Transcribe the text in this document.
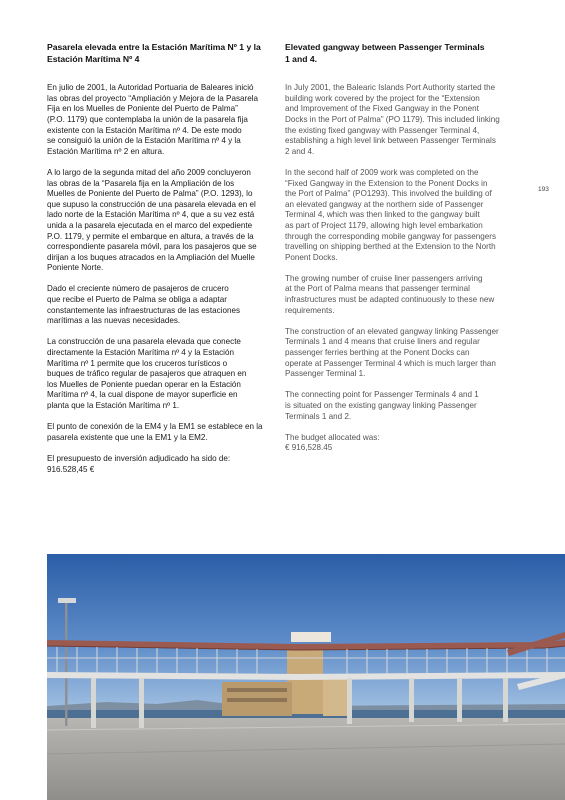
Pasarela elevada entre la Estación Marítima Nº 1 y la
Estación Marítima Nº 4
En julio de 2001, la Autoridad Portuaria de Baleares inició
las obras del proyecto “Ampliación y Mejora de la Pasarela
Fija en los Muelles de Poniente del Puerto de Palma”
(P.O. 1179) que contemplaba la unión de la pasarela fija
existente con la Estación Marítima nº 4. De este modo
se consiguió la unión de la Estación Marítima nº 4 y la
Estación Marítima nº 2 en altura.
A lo largo de la segunda mitad del año 2009 concluyeron
las obras de la “Pasarela fija en la Ampliación de los
Muelles de Poniente del Puerto de Palma” (P.O. 1293), lo
que supuso la construcción de una pasarela elevada en el
lado norte de la Estación Marítima nº 4, que a su vez está
unida a la pasarela ejecutada en el marco del expediente
P.O. 1179, y permite el embarque en altura, a través de la
correspondiente pasarela móvil, para los pasajeros que se
dirijan a los buques atracados en la Ampliación del Muelle
Poniente Norte.
Dado el creciente número de pasajeros de crucero
que recibe el Puerto de Palma se obliga a adaptar
constantemente las infraestructuras de las estaciones
marítimas a las nuevas necesidades.
La construcción de una pasarela elevada que conecte
directamente la Estación Marítima nº 4 y la Estación
Marítima nº 1 permite que los cruceros turísticos o
buques de tráfico regular de pasajeros que atraquen en
los Muelles de Poniente puedan operar en la Estación
Marítima nº 4, la cual dispone de mayor superficie en
planta que la Estación Marítima nº 1.
El punto de conexión de la EM4 y la EM1 se establece en la
pasarela existente que une la EM1 y la EM2.
El presupuesto de inversión adjudicado ha sido de:
916.528,45 €
Elevated gangway between Passenger Terminals
1 and 4.
In July 2001, the Balearic Islands Port Authority started the
building work covered by the project for the “Extension
and Improvement of the Fixed Gangway in the Ponent
Docks in the Port of Palma” (PO 1179). This included linking
the existing fixed gangway with Passenger Terminal 4,
establishing a high level link between Passenger Terminals
2 and 4.
In the second half of 2009 work was completed on the
“Fixed Gangway in the Extension to the Ponent Docks in
the Port of Palma” (PO1293). This involved the building of
an elevated gangway at the northern side of Passenger
Terminal 4, which was then linked to the gangway built
as part of Project 1179, allowing high level embarkation
through the corresponding mobile gangway for passengers
travelling on shipping berthed at the Extension to the North
Ponent Docks.
The growing number of cruise liner passengers arriving
at the Port of Palma means that passenger terminal
infrastructures must be adapted continuously to these new
requirements.
The construction of an elevated gangway linking Passenger
Terminals 1 and 4 means that cruise liners and regular
passenger ferries berthing at the Ponent Docks can
operate at Passenger Terminal 4 which is much larger than
Passenger Terminal 1.
The connecting point for Passenger Terminals 4 and 1
is situated on the existing gangway linking Passenger
Terminals 1 and 2.
The budget allocated was:
€ 916,528.45
193
